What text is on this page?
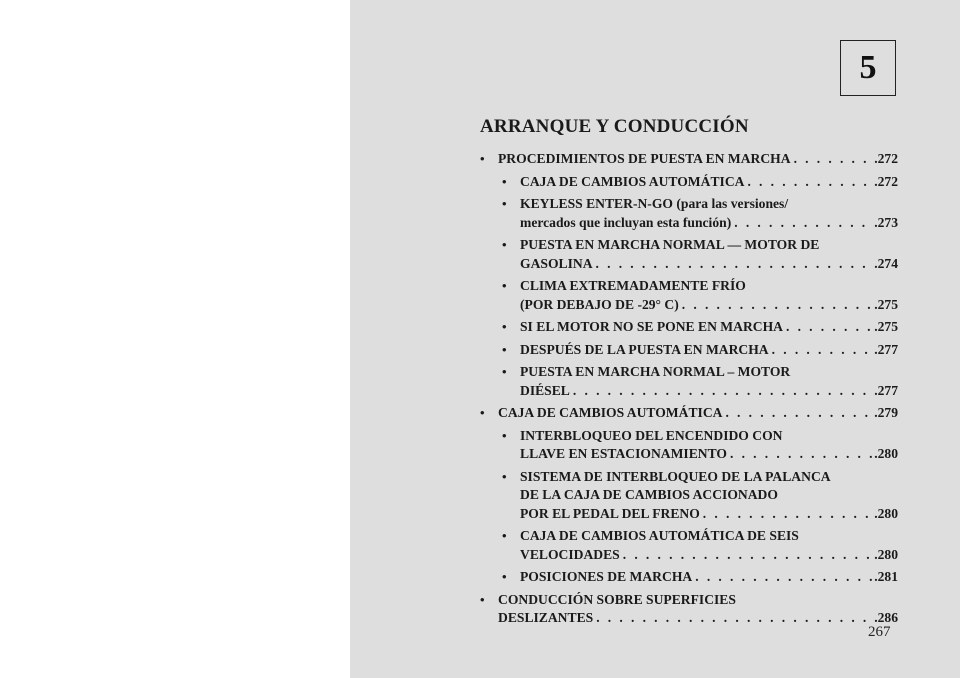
5
ARRANQUE Y CONDUCCIÓN
• PROCEDIMIENTOS DE PUESTA EN MARCHA . . .	.272
• CAJA DE CAMBIOS AUTOMÁTICA . . .	.272
• KEYLESS ENTER-N-GO (para las versiones/
mercados que incluyan esta función) . . .	.273
• PUESTA EN MARCHA NORMAL — MOTOR DE
GASOLINA . . .	.274
• CLIMA EXTREMADAMENTE FRÍO
(POR DEBAJO DE -29° C) . . .	.275
• SI EL MOTOR NO SE PONE EN MARCHA . . .	.275
• DESPUÉS DE LA PUESTA EN MARCHA . . .	.277
• PUESTA EN MARCHA NORMAL – MOTOR
DIÉSEL . . .	.277
• CAJA DE CAMBIOS AUTOMÁTICA . . .	.279
• INTERBLOQUEO DEL ENCENDIDO CON
LLAVE EN ESTACIONAMIENTO . . .	.280
• SISTEMA DE INTERBLOQUEO DE LA PALANCA
DE LA CAJA DE CAMBIOS ACCIONADO
POR EL PEDAL DEL FRENO . . .	.280
• CAJA DE CAMBIOS AUTOMÁTICA DE SEIS
VELOCIDADES . . .	.280
• POSICIONES DE MARCHA . . .	.281
• CONDUCCIÓN SOBRE SUPERFICIES
DESLIZANTES . . .	.286
267
